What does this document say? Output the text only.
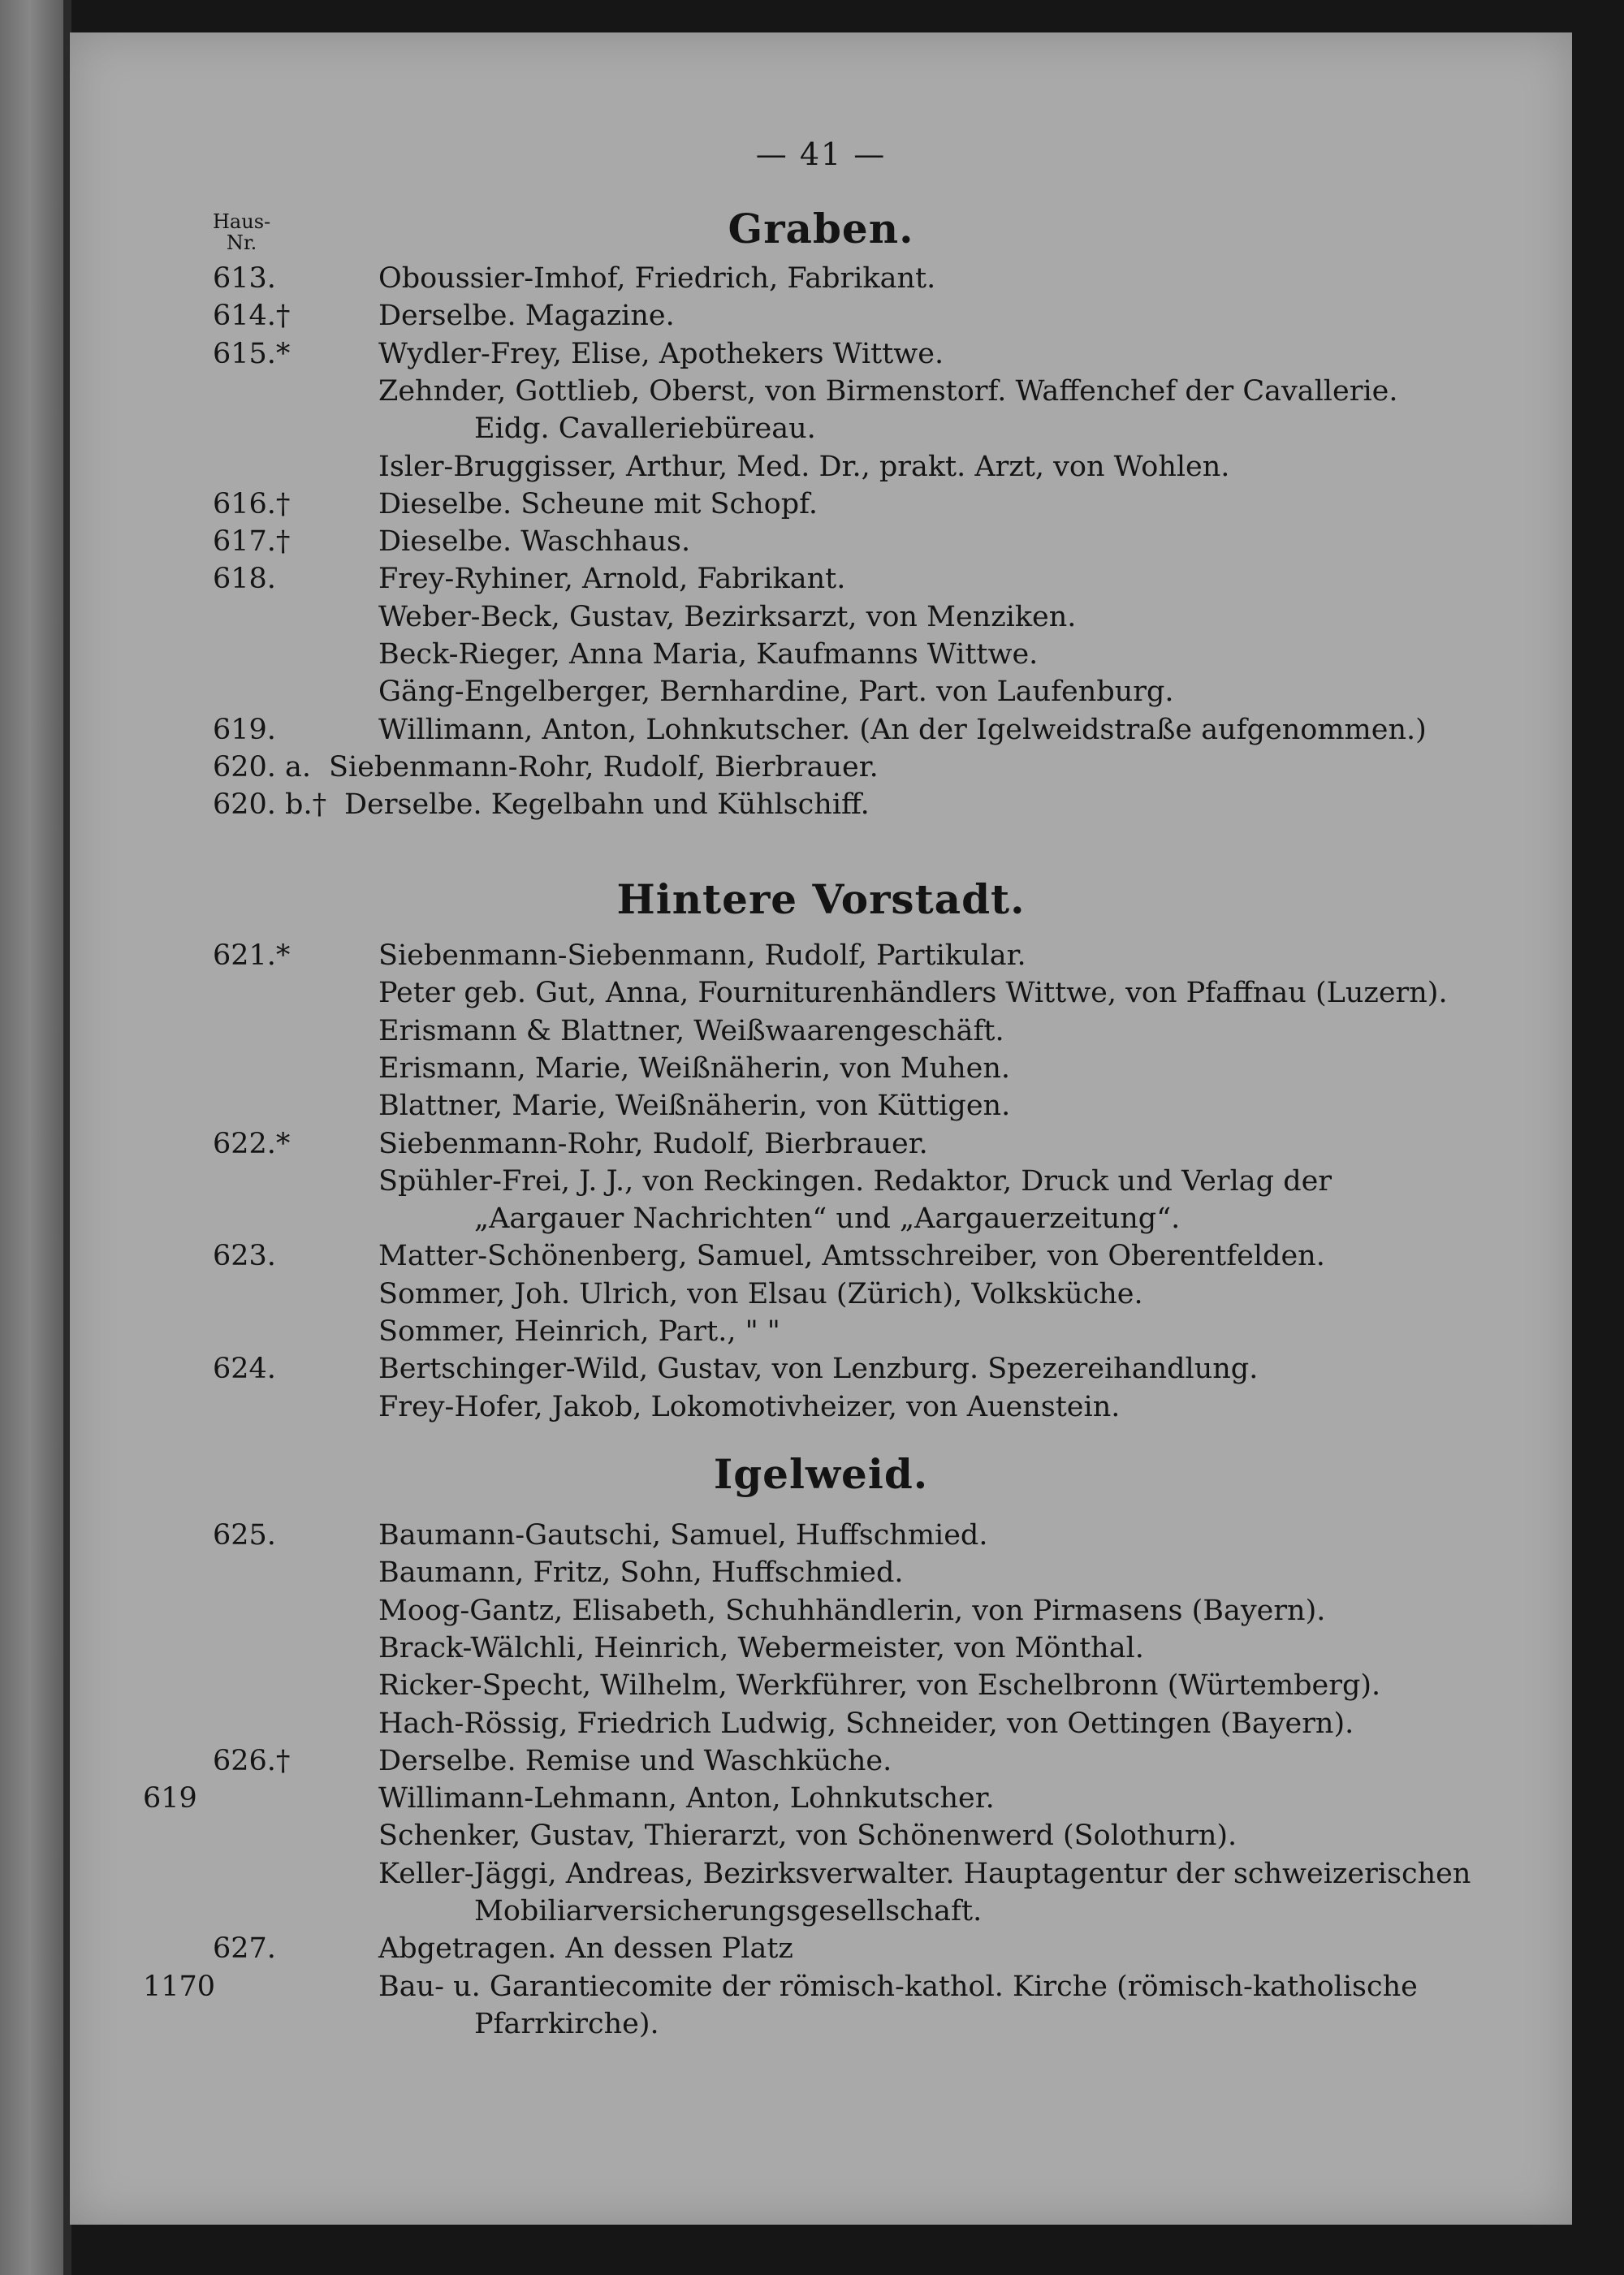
— 41 —
Haus-
Nr.	Graben.
613.	Oboussier-Imhof, Friedrich, Fabrikant.
614.†	Derselbe. Magazine.
615.*	Wydler-Frey, Elise, Apothekers Wittwe.
Zehnder, Gottlieb, Oberst, von Birmenstorf. Waffenchef der Cavallerie.
Eidg. Cavalleriebüreau.
Isler-Bruggisser, Arthur, Med. Dr., prakt. Arzt, von Wohlen.
616.†	Dieselbe. Scheune mit Schopf.
617.†	Dieselbe. Waschhaus.
618.	Frey-Ryhiner, Arnold, Fabrikant.
Weber-Beck, Gustav, Bezirksarzt, von Menziken.
Beck-Rieger, Anna Maria, Kaufmanns Wittwe.
Gäng-Engelberger, Bernhardine, Part. von Laufenburg.
619.	Willimann, Anton, Lohnkutscher. (An der Igelweidstraße aufgenommen.)
620. a. Siebenmann-Rohr, Rudolf, Bierbrauer.
620. b.† Derselbe. Kegelbahn und Kühlschiff.
Hintere Vorstadt.
621.*	Siebenmann-Siebenmann, Rudolf, Partikular.
Peter geb. Gut, Anna, Fourniturenhändlers Wittwe, von Pfaffnau (Luzern).
Erismann & Blattner, Weißwaarengeschäft.
Erismann, Marie, Weißnäherin, von Muhen.
Blattner, Marie, Weißnäherin, von Küttigen.
622.*	Siebenmann-Rohr, Rudolf, Bierbrauer.
Spühler-Frei, J. J., von Reckingen. Redaktor, Druck und Verlag der
„Aargauer Nachrichten“ und „Aargauerzeitung“.
623.	Matter-Schönenberg, Samuel, Amtsschreiber, von Oberentfelden.
Sommer, Joh. Ulrich, von Elsau (Zürich), Volksküche.
Sommer, Heinrich, Part., " "
624.	Bertschinger-Wild, Gustav, von Lenzburg. Spezereihandlung.
Frey-Hofer, Jakob, Lokomotivheizer, von Auenstein.
Igelweid.
625.	Baumann-Gautschi, Samuel, Huffschmied.
Baumann, Fritz, Sohn, Huffschmied.
Moog-Gantz, Elisabeth, Schuhhändlerin, von Pirmasens (Bayern).
Brack-Wälchli, Heinrich, Webermeister, von Mönthal.
Ricker-Specht, Wilhelm, Werkführer, von Eschelbronn (Würtemberg).
Hach-Rössig, Friedrich Ludwig, Schneider, von Oettingen (Bayern).
626.†	Derselbe. Remise und Waschküche.
619	Willimann-Lehmann, Anton, Lohnkutscher.
Schenker, Gustav, Thierarzt, von Schönenwerd (Solothurn).
Keller-Jäggi, Andreas, Bezirksverwalter. Hauptagentur der schweizerischen
Mobiliarversicherungsgesellschaft.
627.	Abgetragen. An dessen Platz
1170	Bau- u. Garantiecomite der römisch-kathol. Kirche (römisch-katholische
Pfarrkirche).
